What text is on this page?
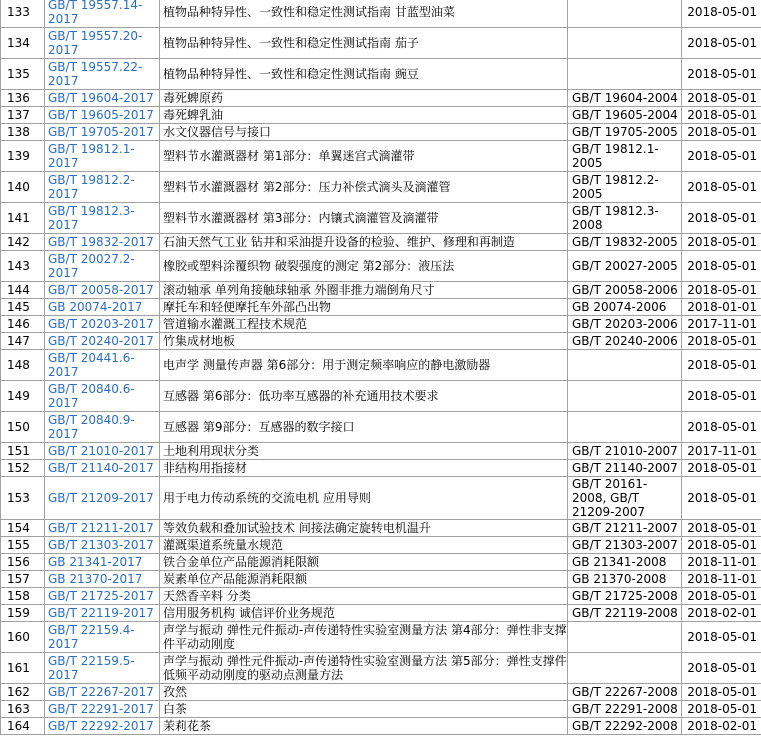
133	GB/T 19557.14-2017	植物品种特异性、一致性和稳定性测试指南 甘蓝型油菜		2018-05-01
134	GB/T 19557.20-2017	植物品种特异性、一致性和稳定性测试指南 茄子		2018-05-01
135	GB/T 19557.22-2017	植物品种特异性、一致性和稳定性测试指南 豌豆		2018-05-01
136	GB/T 19604-2017	毒死蜱原药	GB/T 19604-2004	2018-05-01
137	GB/T 19605-2017	毒死蜱乳油	GB/T 19605-2004	2018-05-01
138	GB/T 19705-2017	水文仪器信号与接口	GB/T 19705-2005	2018-05-01
139	GB/T 19812.1-2017	塑料节水灌溉器材 第1部分：单翼迷宫式滴灌带	GB/T 19812.1-2005	2018-05-01
140	GB/T 19812.2-2017	塑料节水灌溉器材 第2部分：压力补偿式滴头及滴灌管	GB/T 19812.2-2005	2018-05-01
141	GB/T 19812.3-2017	塑料节水灌溉器材 第3部分：内镶式滴灌管及滴灌带	GB/T 19812.3-2008	2018-05-01
142	GB/T 19832-2017	石油天然气工业 钻井和采油提升设备的检验、维护、修理和再制造	GB/T 19832-2005	2018-05-01
143	GB/T 20027.2-2017	橡胶或塑料涂覆织物 破裂强度的测定 第2部分：液压法	GB/T 20027-2005	2018-05-01
144	GB/T 20058-2017	滚动轴承 单列角接触球轴承 外圈非推力端倒角尺寸	GB/T 20058-2006	2018-05-01
145	GB 20074-2017	摩托车和轻便摩托车外部凸出物	GB 20074-2006	2018-01-01
146	GB/T 20203-2017	管道输水灌溉工程技术规范	GB/T 20203-2006	2017-11-01
147	GB/T 20240-2017	竹集成材地板	GB/T 20240-2006	2018-05-01
148	GB/T 20441.6-2017	电声学 测量传声器 第6部分：用于测定频率响应的静电激励器		2018-05-01
149	GB/T 20840.6-2017	互感器 第6部分：低功率互感器的补充通用技术要求		2018-05-01
150	GB/T 20840.9-2017	互感器 第9部分：互感器的数字接口		2018-05-01
151	GB/T 21010-2017	土地利用现状分类	GB/T 21010-2007	2017-11-01
152	GB/T 21140-2017	非结构用指接材	GB/T 21140-2007	2018-05-01
153	GB/T 21209-2017	用于电力传动系统的交流电机 应用导则	GB/T 20161-2008, GB/T 21209-2007	2018-05-01
154	GB/T 21211-2017	等效负载和叠加试验技术 间接法确定旋转电机温升	GB/T 21211-2007	2018-05-01
155	GB/T 21303-2017	灌溉渠道系统量水规范	GB/T 21303-2007	2018-05-01
156	GB 21341-2017	铁合金单位产品能源消耗限额	GB 21341-2008	2018-11-01
157	GB 21370-2017	炭素单位产品能源消耗限额	GB 21370-2008	2018-11-01
158	GB/T 21725-2017	天然香辛料 分类	GB/T 21725-2008	2018-05-01
159	GB/T 22119-2017	信用服务机构 诚信评价业务规范	GB/T 22119-2008	2018-02-01
160	GB/T 22159.4-2017	声学与振动 弹性元件振动-声传递特性实验室测量方法 第4部分：弹性非支撑件平动动刚度		2018-05-01
161	GB/T 22159.5-2017	声学与振动 弹性元件振动-声传递特性实验室测量方法 第5部分：弹性支撑件低频平动动刚度的驱动点测量方法		2018-05-01
162	GB/T 22267-2017	孜然	GB/T 22267-2008	2018-05-01
163	GB/T 22291-2017	白茶	GB/T 22291-2008	2018-05-01
164	GB/T 22292-2017	茉莉花茶	GB/T 22292-2008	2018-02-01
